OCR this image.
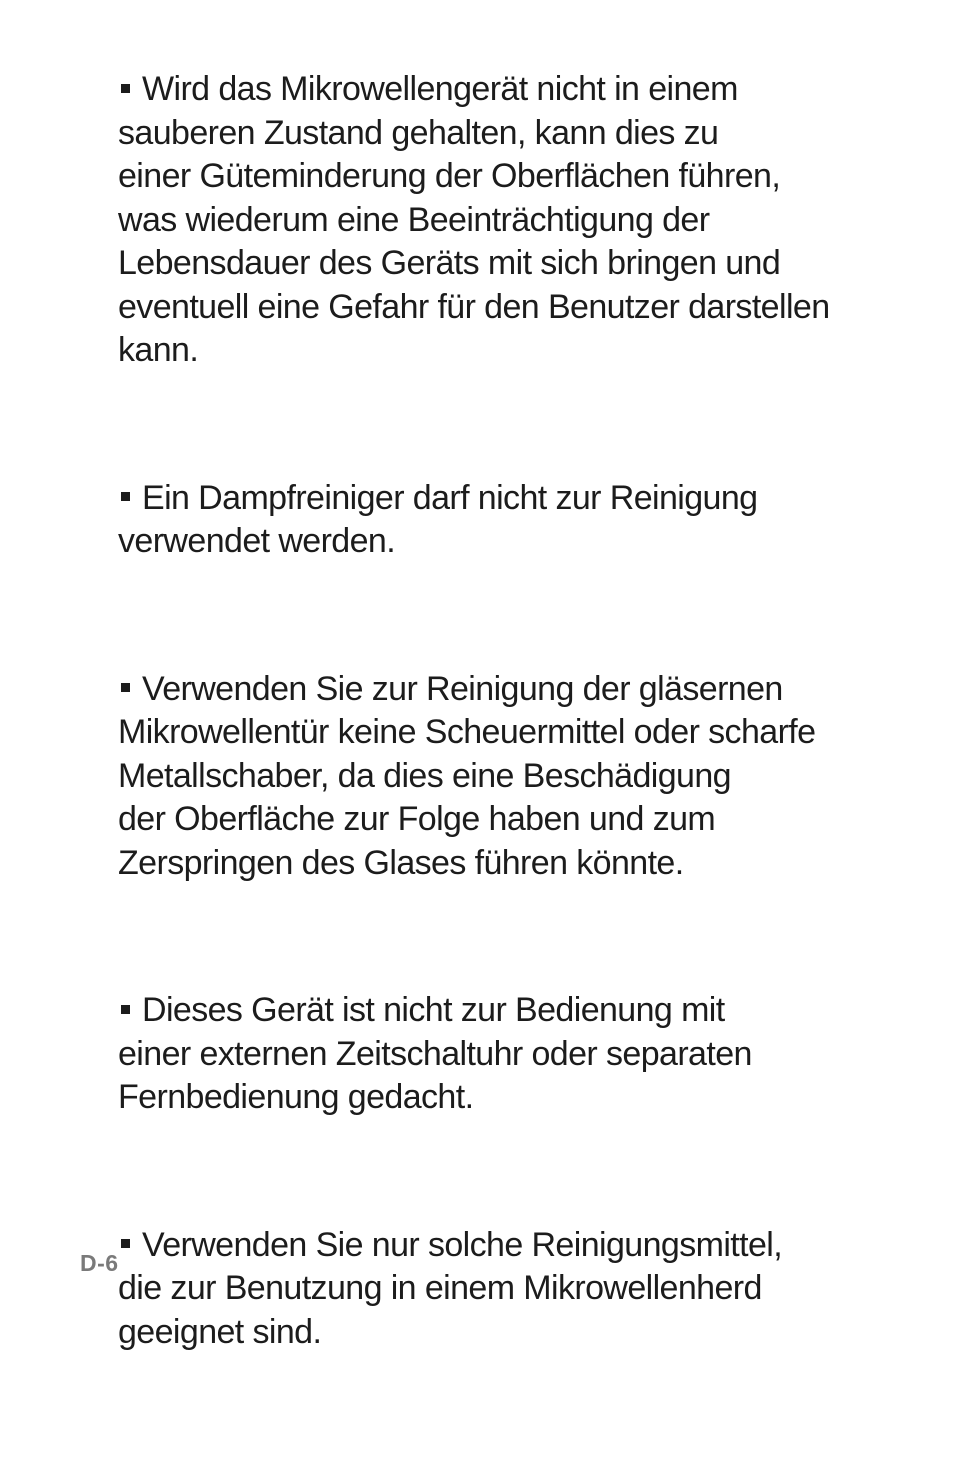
Wird das Mikrowellengerät nicht in einem
sauberen Zustand gehalten, kann dies zu
einer Güteminderung der Oberflächen führen,
was wiederum eine Beeinträchtigung der
Lebensdauer des Geräts mit sich bringen und
eventuell eine Gefahr für den Benutzer darstellen
kann.
Ein Dampfreiniger darf nicht zur Reinigung
verwendet werden.
Verwenden Sie zur Reinigung der gläsernen
Mikrowellentür keine Scheuermittel oder scharfe
Metallschaber, da dies eine Beschädigung
der Oberfläche zur Folge haben und zum
Zerspringen des Glases führen könnte.
Dieses Gerät ist nicht zur Bedienung mit
einer externen Zeitschaltuhr oder separaten
Fernbedienung gedacht.
Verwenden Sie nur solche Reinigungsmittel,
die zur Benutzung in einem Mikrowellenherd
geeignet sind.
D-6
